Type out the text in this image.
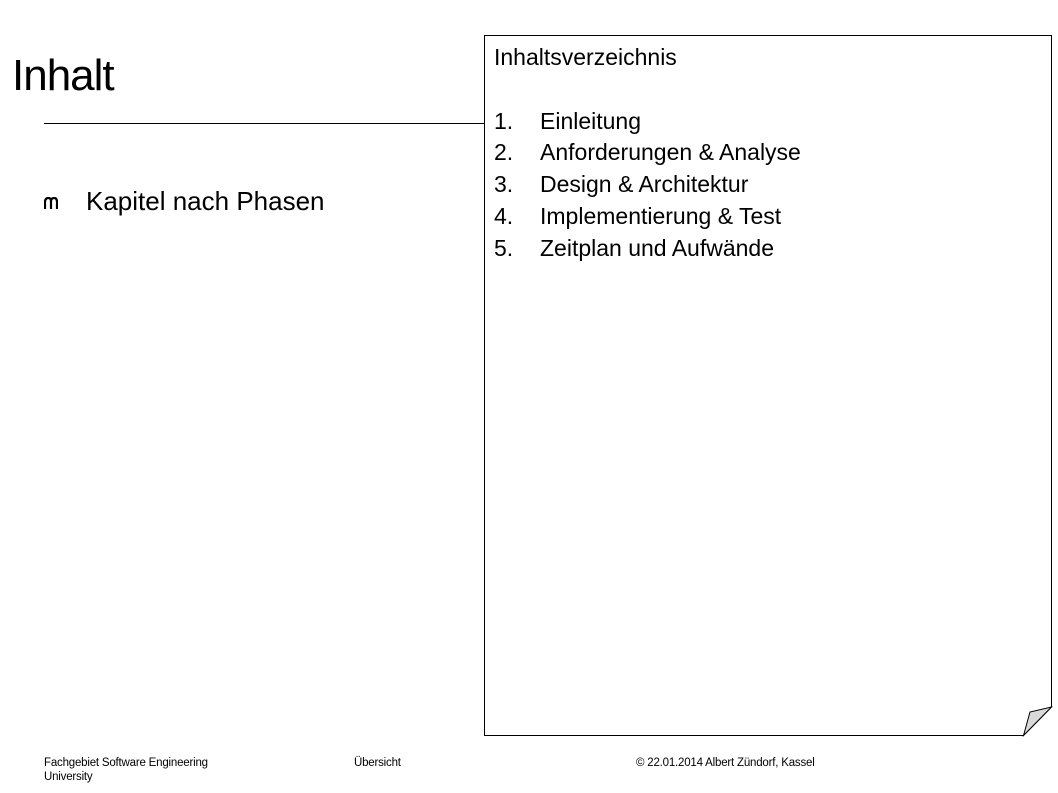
Inhalt
Kapitel nach Phasen
Inhaltsverzeichnis
1.	Einleitung
2.	Anforderungen & Analyse
3.	Design & Architektur
4.	Implementierung & Test
5.	Zeitplan und Aufwände
Fachgebiet Software Engineering University
Übersicht	© 22.01.2014 Albert Zündorf, Kassel
